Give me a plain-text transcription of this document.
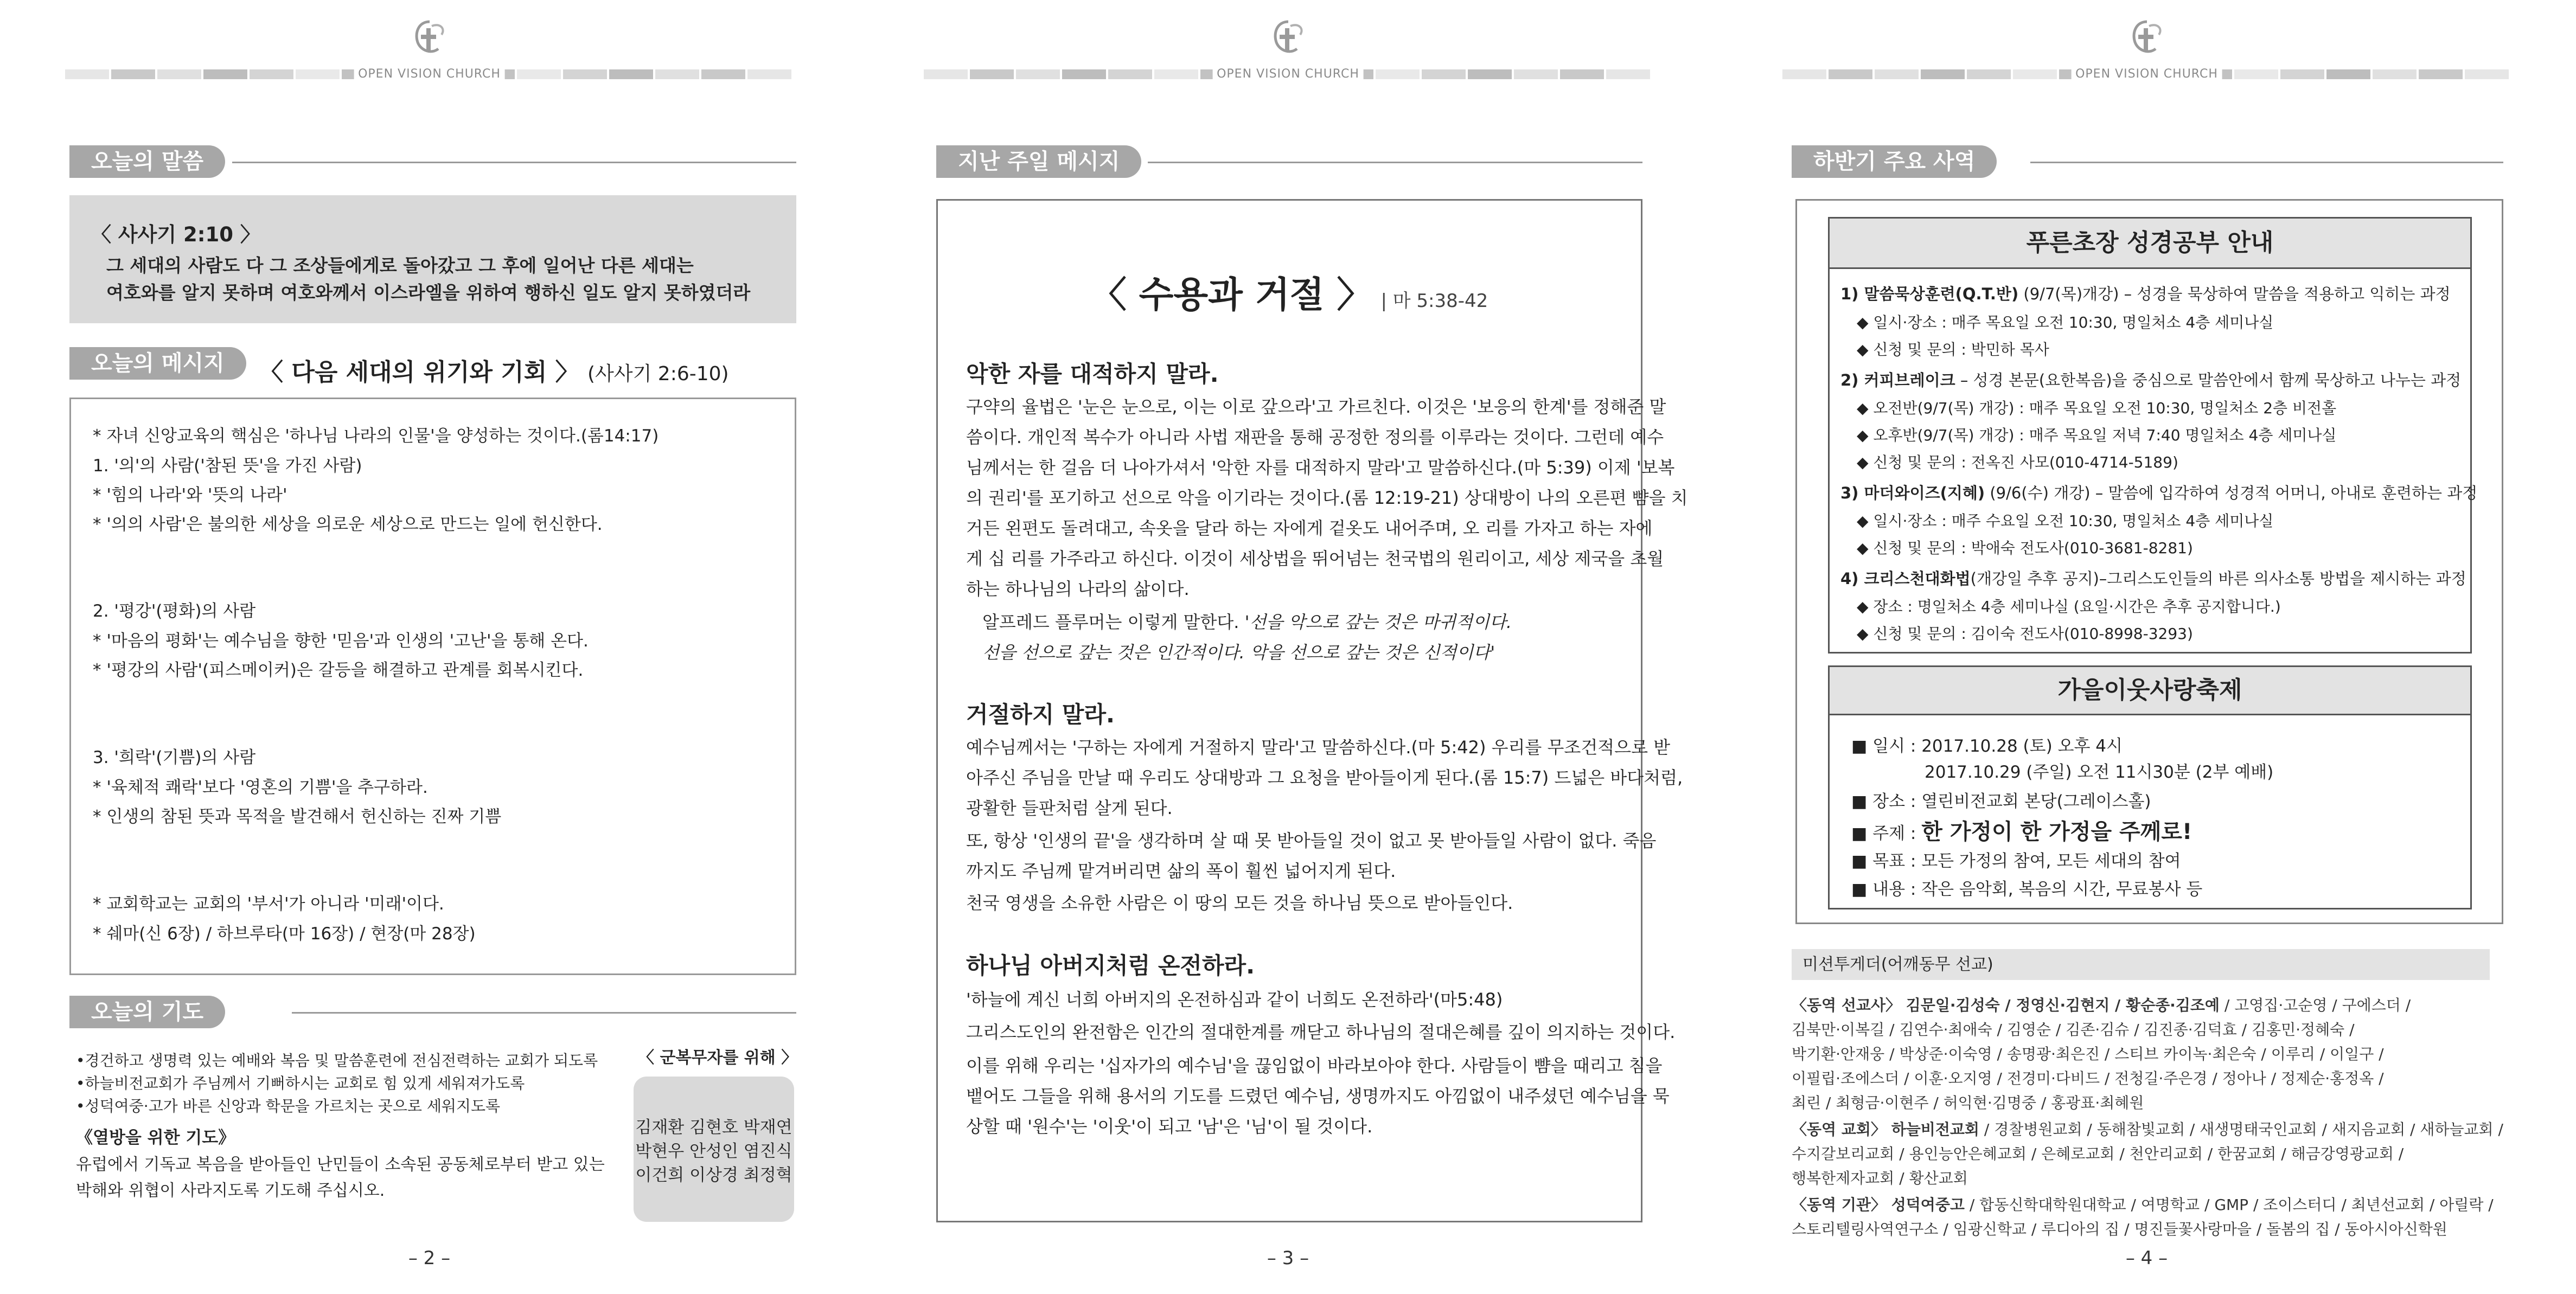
OPEN VISION CHURCH
오늘의 말씀
〈 사사기 2:10 〉
그 세대의 사람도 다 그 조상들에게로 돌아갔고 그 후에 일어난 다른 세대는
여호와를 알지 못하며 여호와께서 이스라엘을 위하여 행하신 일도 알지 못하였더라
오늘의 메시지	〈 다음 세대의 위기와 기회 〉 (사사기 2:6-10)
* 자녀 신앙교육의 핵심은 '하나님 나라의 인물'을 양성하는 것이다.(롬14:17)
1. '의'의 사람('참된 뜻'을 가진 사람)
* '힘의 나라'와 '뜻의 나라'
* '의의 사람'은 불의한 세상을 의로운 세상으로 만드는 일에 헌신한다.
2. '평강'(평화)의 사람
* '마음의 평화'는 예수님을 향한 '믿음'과 인생의 '고난'을 통해 온다.
* '평강의 사람'(피스메이커)은 갈등을 해결하고 관계를 회복시킨다.
3. '희락'(기쁨)의 사람
* '육체적 쾌락'보다 '영혼의 기쁨'을 추구하라.
* 인생의 참된 뜻과 목적을 발견해서 헌신하는 진짜 기쁨
* 교회학교는 교회의 '부서'가 아니라 '미래'이다.
* 쉐마(신 6장) / 하브루타(마 16장) / 현장(마 28장)
오늘의 기도
•경건하고 생명력 있는 예배와 복음 및 말씀훈련에 전심전력하는 교회가 되도록
•하늘비전교회가 주님께서 기뻐하시는 교회로 힘 있게 세워져가도록
•성덕여중·고가 바른 신앙과 학문을 가르치는 곳으로 세워지도록
《열방을 위한 기도》
유럽에서 기독교 복음을 받아들인 난민들이 소속된 공동체로부터 받고 있는
박해와 위협이 사라지도록 기도해 주십시오.
〈 군복무자를 위해 〉
김재환 김현호 박재연
박현우 안성인 염진식
이건희 이상경 최정혁
– 2 –
OPEN VISION CHURCH
지난 주일 메시지
〈 수용과 거절 〉 | 마 5:38-42
악한 자를 대적하지 말라.
구약의 율법은 '눈은 눈으로, 이는 이로 갚으라'고 가르친다. 이것은 '보응의 한계'를 정해준 말
씀이다. 개인적 복수가 아니라 사법 재판을 통해 공정한 정의를 이루라는 것이다. 그런데 예수
님께서는 한 걸음 더 나아가셔서 '악한 자를 대적하지 말라'고 말씀하신다.(마 5:39) 이제 '보복
의 권리'를 포기하고 선으로 악을 이기라는 것이다.(롬 12:19-21) 상대방이 나의 오른편 뺨을 치
거든 왼편도 돌려대고, 속옷을 달라 하는 자에게 겉옷도 내어주며, 오 리를 가자고 하는 자에
게 십 리를 가주라고 하신다. 이것이 세상법을 뛰어넘는 천국법의 원리이고, 세상 제국을 초월
하는 하나님의 나라의 삶이다.
알프레드 플루머는 이렇게 말한다. '선을 악으로 갚는 것은 마귀적이다.
선을 선으로 갚는 것은 인간적이다. 악을 선으로 갚는 것은 신적이다'
거절하지 말라.
예수님께서는 '구하는 자에게 거절하지 말라'고 말씀하신다.(마 5:42) 우리를 무조건적으로 받
아주신 주님을 만날 때 우리도 상대방과 그 요청을 받아들이게 된다.(롬 15:7) 드넓은 바다처럼,
광활한 들판처럼 살게 된다.
또, 항상 '인생의 끝'을 생각하며 살 때 못 받아들일 것이 없고 못 받아들일 사람이 없다. 죽음
까지도 주님께 맡겨버리면 삶의 폭이 훨씬 넓어지게 된다.
천국 영생을 소유한 사람은 이 땅의 모든 것을 하나님 뜻으로 받아들인다.
하나님 아버지처럼 온전하라.
'하늘에 계신 너희 아버지의 온전하심과 같이 너희도 온전하라'(마5:48)
그리스도인의 완전함은 인간의 절대한계를 깨닫고 하나님의 절대은혜를 깊이 의지하는 것이다.
이를 위해 우리는 '십자가의 예수님'을 끊임없이 바라보아야 한다. 사람들이 뺨을 때리고 침을
뱉어도 그들을 위해 용서의 기도를 드렸던 예수님, 생명까지도 아낌없이 내주셨던 예수님을 묵
상할 때 '원수'는 '이웃'이 되고 '남'은 '님'이 될 것이다.
– 3 –
OPEN VISION CHURCH
하반기 주요 사역
푸른초장 성경공부 안내
1) 말씀묵상훈련(Q.T.반) (9/7(목)개강) – 성경을 묵상하여 말씀을 적용하고 익히는 과정
◆ 일시·장소 : 매주 목요일 오전 10:30, 명일처소 4층 세미나실
◆ 신청 및 문의 : 박민하 목사
2) 커피브레이크 – 성경 본문(요한복음)을 중심으로 말씀안에서 함께 묵상하고 나누는 과정
◆ 오전반(9/7(목) 개강) : 매주 목요일 오전 10:30, 명일처소 2층 비전홀
◆ 오후반(9/7(목) 개강) : 매주 목요일 저녁 7:40 명일처소 4층 세미나실
◆ 신청 및 문의 : 전옥진 사모(010-4714-5189)
3) 마더와이즈(지혜) (9/6(수) 개강) – 말씀에 입각하여 성경적 어머니, 아내로 훈련하는 과정
◆ 일시·장소 : 매주 수요일 오전 10:30, 명일처소 4층 세미나실
◆ 신청 및 문의 : 박애숙 전도사(010-3681-8281)
4) 크리스천대화법(개강일 추후 공지)–그리스도인들의 바른 의사소통 방법을 제시하는 과정
◆ 장소 : 명일처소 4층 세미나실 (요일·시간은 추후 공지합니다.)
◆ 신청 및 문의 : 김이숙 전도사(010-8998-3293)
가을이웃사랑축제
■ 일시 : 2017.10.28 (토) 오후 4시
2017.10.29 (주일) 오전 11시30분 (2부 예배)
■ 장소 : 열린비전교회 본당(그레이스홀)
■ 주제 : 한 가정이 한 가정을 주께로!
■ 목표 : 모든 가정의 참여, 모든 세대의 참여
■ 내용 : 작은 음악회, 복음의 시간, 무료봉사 등
미션투게더(어깨동무 선교)
〈동역 선교사〉 김문일·김성숙 / 정영신·김현지 / 황순종·김조예 / 고영집·고순영 / 구에스더 /
김북만·이복길 / 김연수·최애숙 / 김영순 / 김존·김슈 / 김진종·김덕효 / 김홍민·정혜숙 /
박기환·안재웅 / 박상준·이숙영 / 송명광·최은진 / 스티브 카이녹·최은숙 / 이루리 / 이일구 /
이필립·조에스더 / 이훈·오지영 / 전경미·다비드 / 전청길·주은경 / 정아나 / 정제순·홍정옥 /
최린 / 최형금·이현주 / 허익현·김명중 / 홍광표·최혜원
〈동역 교회〉 하늘비전교회 / 경찰병원교회 / 동해참빛교회 / 새생명태국인교회 / 새지음교회 / 새하늘교회 /
수지갈보리교회 / 용인능안은혜교회 / 은혜로교회 / 천안리교회 / 한꿈교회 / 해금강영광교회 /
행복한제자교회 / 황산교회
〈동역 기관〉 성덕여중고 / 합동신학대학원대학교 / 여명학교 / GMP / 조이스터디 / 최년선교회 / 아릴락 /
스토리텔링사역연구소 / 임광신학교 / 루디아의 집 / 명진들꽃사랑마을 / 돌봄의 집 / 동아시아신학원
– 4 –
